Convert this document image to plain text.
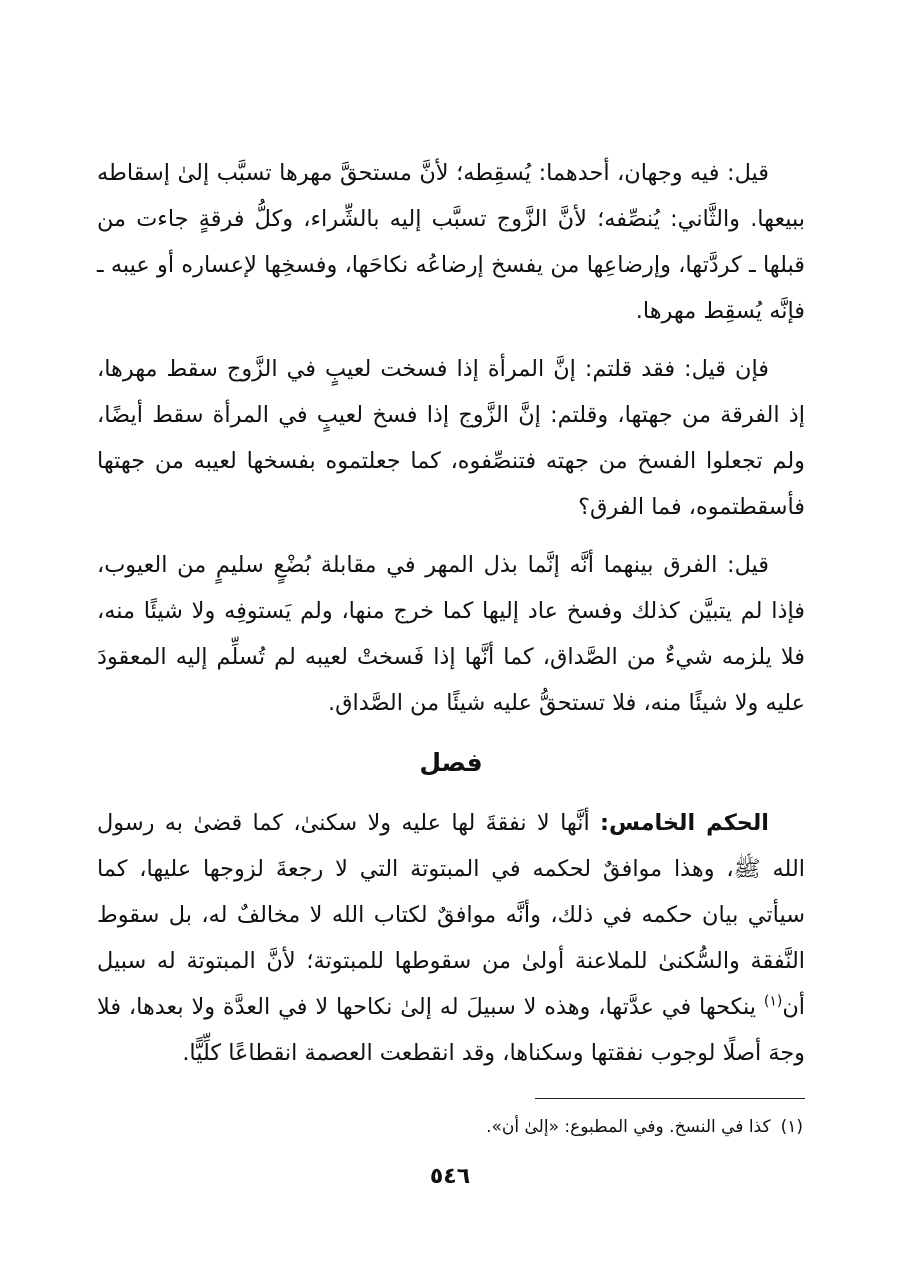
قيل: فيه وجهان، أحدهما: يُسقِطه؛ لأنَّ مستحقَّ مهرها تسبَّب إلىٰ إسقاطه ببيعها. والثَّاني: يُنصِّفه؛ لأنَّ الزَّوج تسبَّب إليه بالشِّراء، وكلُّ فرقةٍ جاءت من قبلها ـ كردَّتها، وإرضاعِها من يفسخ إرضاعُه نكاحَها، وفسخِها لإعساره أو عيبه ـ فإنَّه يُسقِط مهرها.

فإن قيل: فقد قلتم: إنَّ المرأة إذا فسخت لعيبٍ في الزَّوج سقط مهرها، إذ الفرقة من جهتها، وقلتم: إنَّ الزَّوج إذا فسخ لعيبٍ في المرأة سقط أيضًا، ولم تجعلوا الفسخ من جهته فتنصِّفوه، كما جعلتموه بفسخها لعيبه من جهتها فأسقطتموه، فما الفرق؟

قيل: الفرق بينهما أنَّه إنَّما بذل المهر في مقابلة بُضْعٍ سليمٍ من العيوب، فإذا لم يتبيَّن كذلك وفسخ عاد إليها كما خرج منها، ولم يَستوفِه ولا شيئًا منه، فلا يلزمه شيءٌ من الصَّداق، كما أنَّها إذا فَسختْ لعيبه لم تُسلِّم إليه المعقودَ عليه ولا شيئًا منه، فلا تستحقُّ عليه شيئًا من الصَّداق.

فصل

الحكم الخامس: أنَّها لا نفقةَ لها عليه ولا سكنىٰ، كما قضىٰ به رسول الله ﷺ، وهذا موافقٌ لحكمه في المبتوتة التي لا رجعةَ لزوجها عليها، كما سيأتي بيان حكمه في ذلك، وأنَّه موافقٌ لكتاب الله لا مخالفٌ له، بل سقوط النَّفقة والسُّكنىٰ للملاعنة أولىٰ من سقوطها للمبتوتة؛ لأنَّ المبتوتة له سبيل أن$^{(١)}$ ينكحها في عدَّتها، وهذه لا سبيلَ له إلىٰ نكاحها لا في العدَّة ولا بعدها، فلا وجهَ أصلًا لوجوب نفقتها وسكناها، وقد انقطعت العصمة انقطاعًا كلِّيًّا.

(١)كذا في النسخ. وفي المطبوع: «إلىٰ أن».
٥٤٦
